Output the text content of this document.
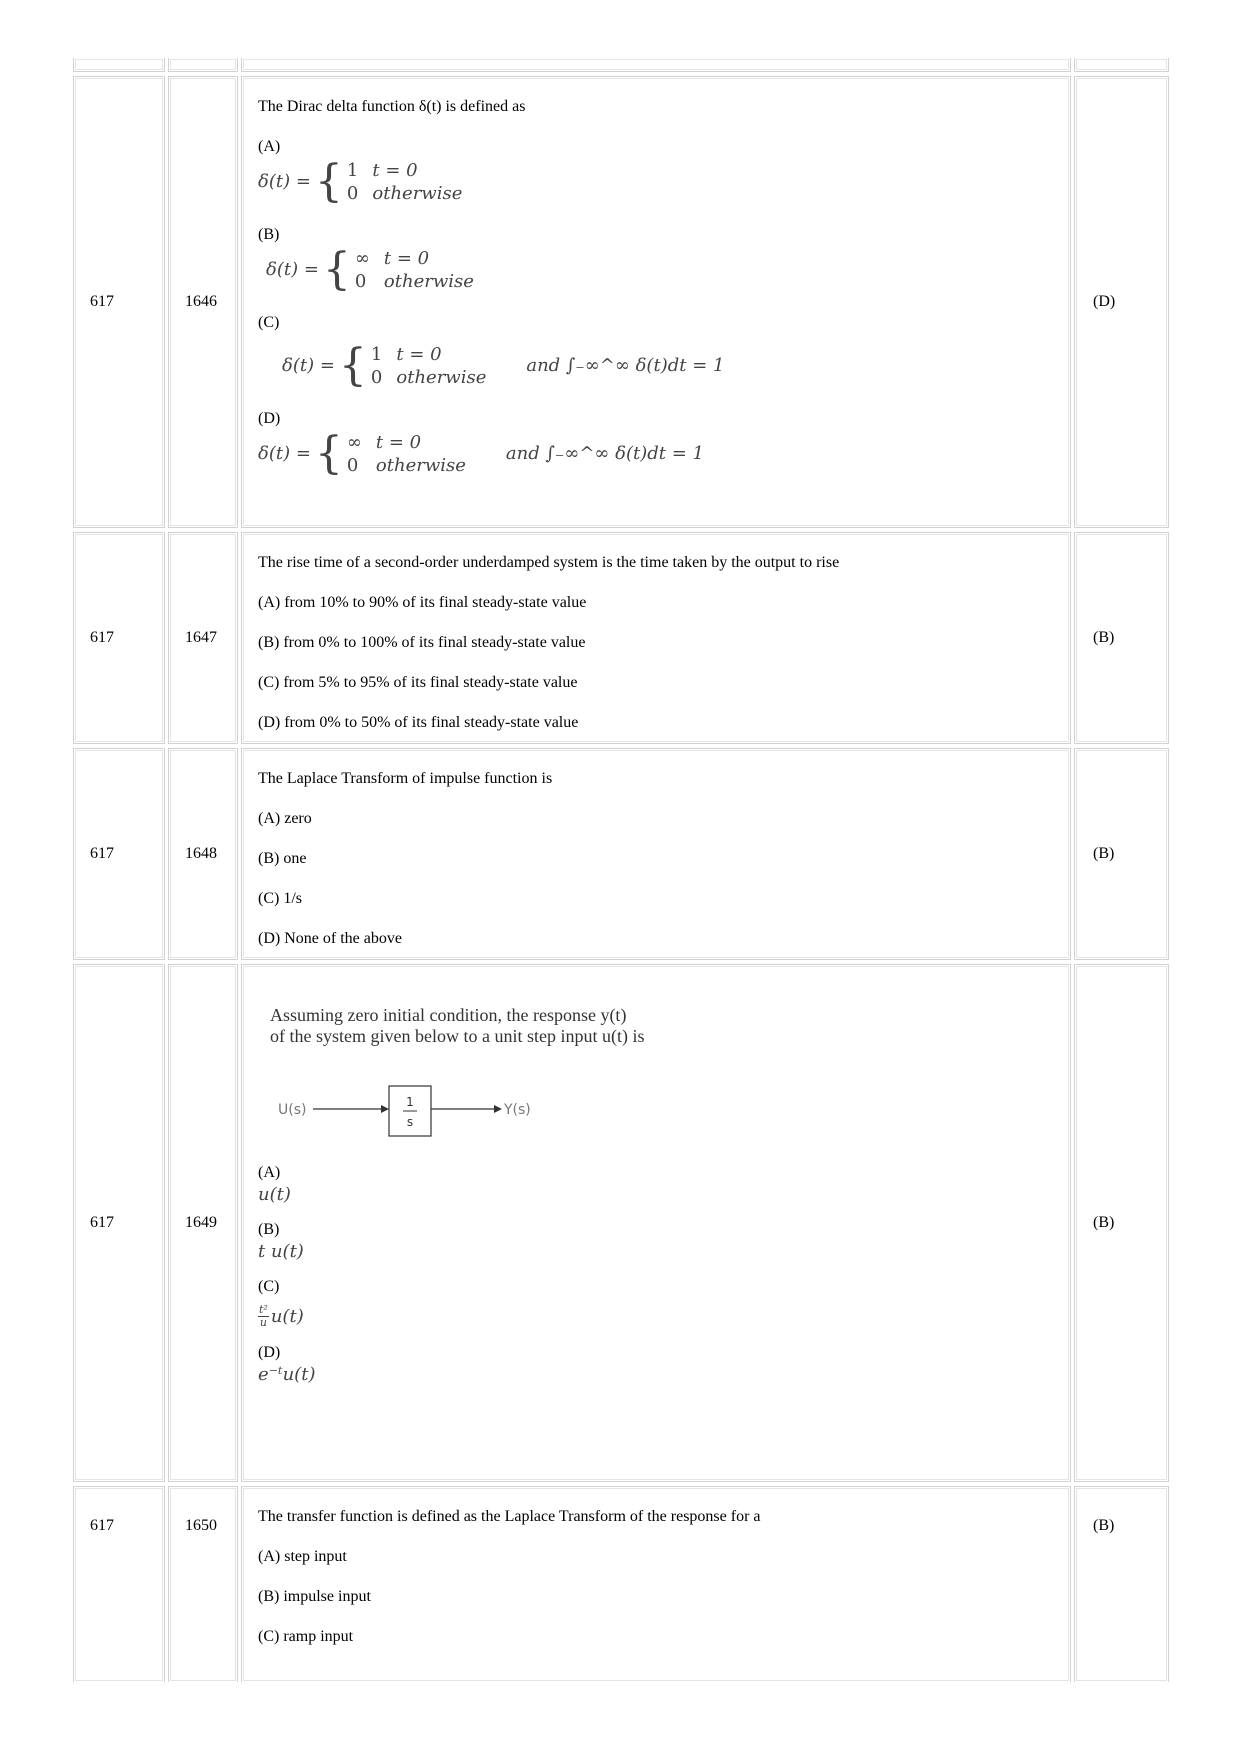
617	1646
The Dirac delta function δ(t) is defined as
(A)
δ(t) = { 1 t = 0
0 otherwise
(B)
δ(t) = { ∞ t = 0
0 otherwise
(C)
δ(t) = { 1 t = 0
0 otherwise
and ∫₋∞^∞ δ(t)dt = 1
(D)
δ(t) = { ∞ t = 0
0 otherwise
and ∫₋∞^∞ δ(t)dt = 1
(D)
617	1647
The rise time of a second-order underdamped system is the time taken by the output to rise
(A) from 10% to 90% of its final steady-state value
(B) from 0% to 100% of its final steady-state value
(C) from 5% to 95% of its final steady-state value
(D) from 0% to 50% of its final steady-state value
(B)
617	1648
The Laplace Transform of impulse function is
(A) zero
(B) one
(C) 1/s
(D) None of the above
(B)
617	1649
Assuming zero initial condition, the response y(t)
of the system given below to a unit step input u(t) is
U(s)	1
s
Y(s)
(A)
u(t)
(B)
t u(t)
(C)
t²
u u(t)
(D)
e⁻ᵗu(t)
(B)
617	1650
The transfer function is defined as the Laplace Transform of the response for a
(A) step input
(B) impulse input
(C) ramp input
(B)
